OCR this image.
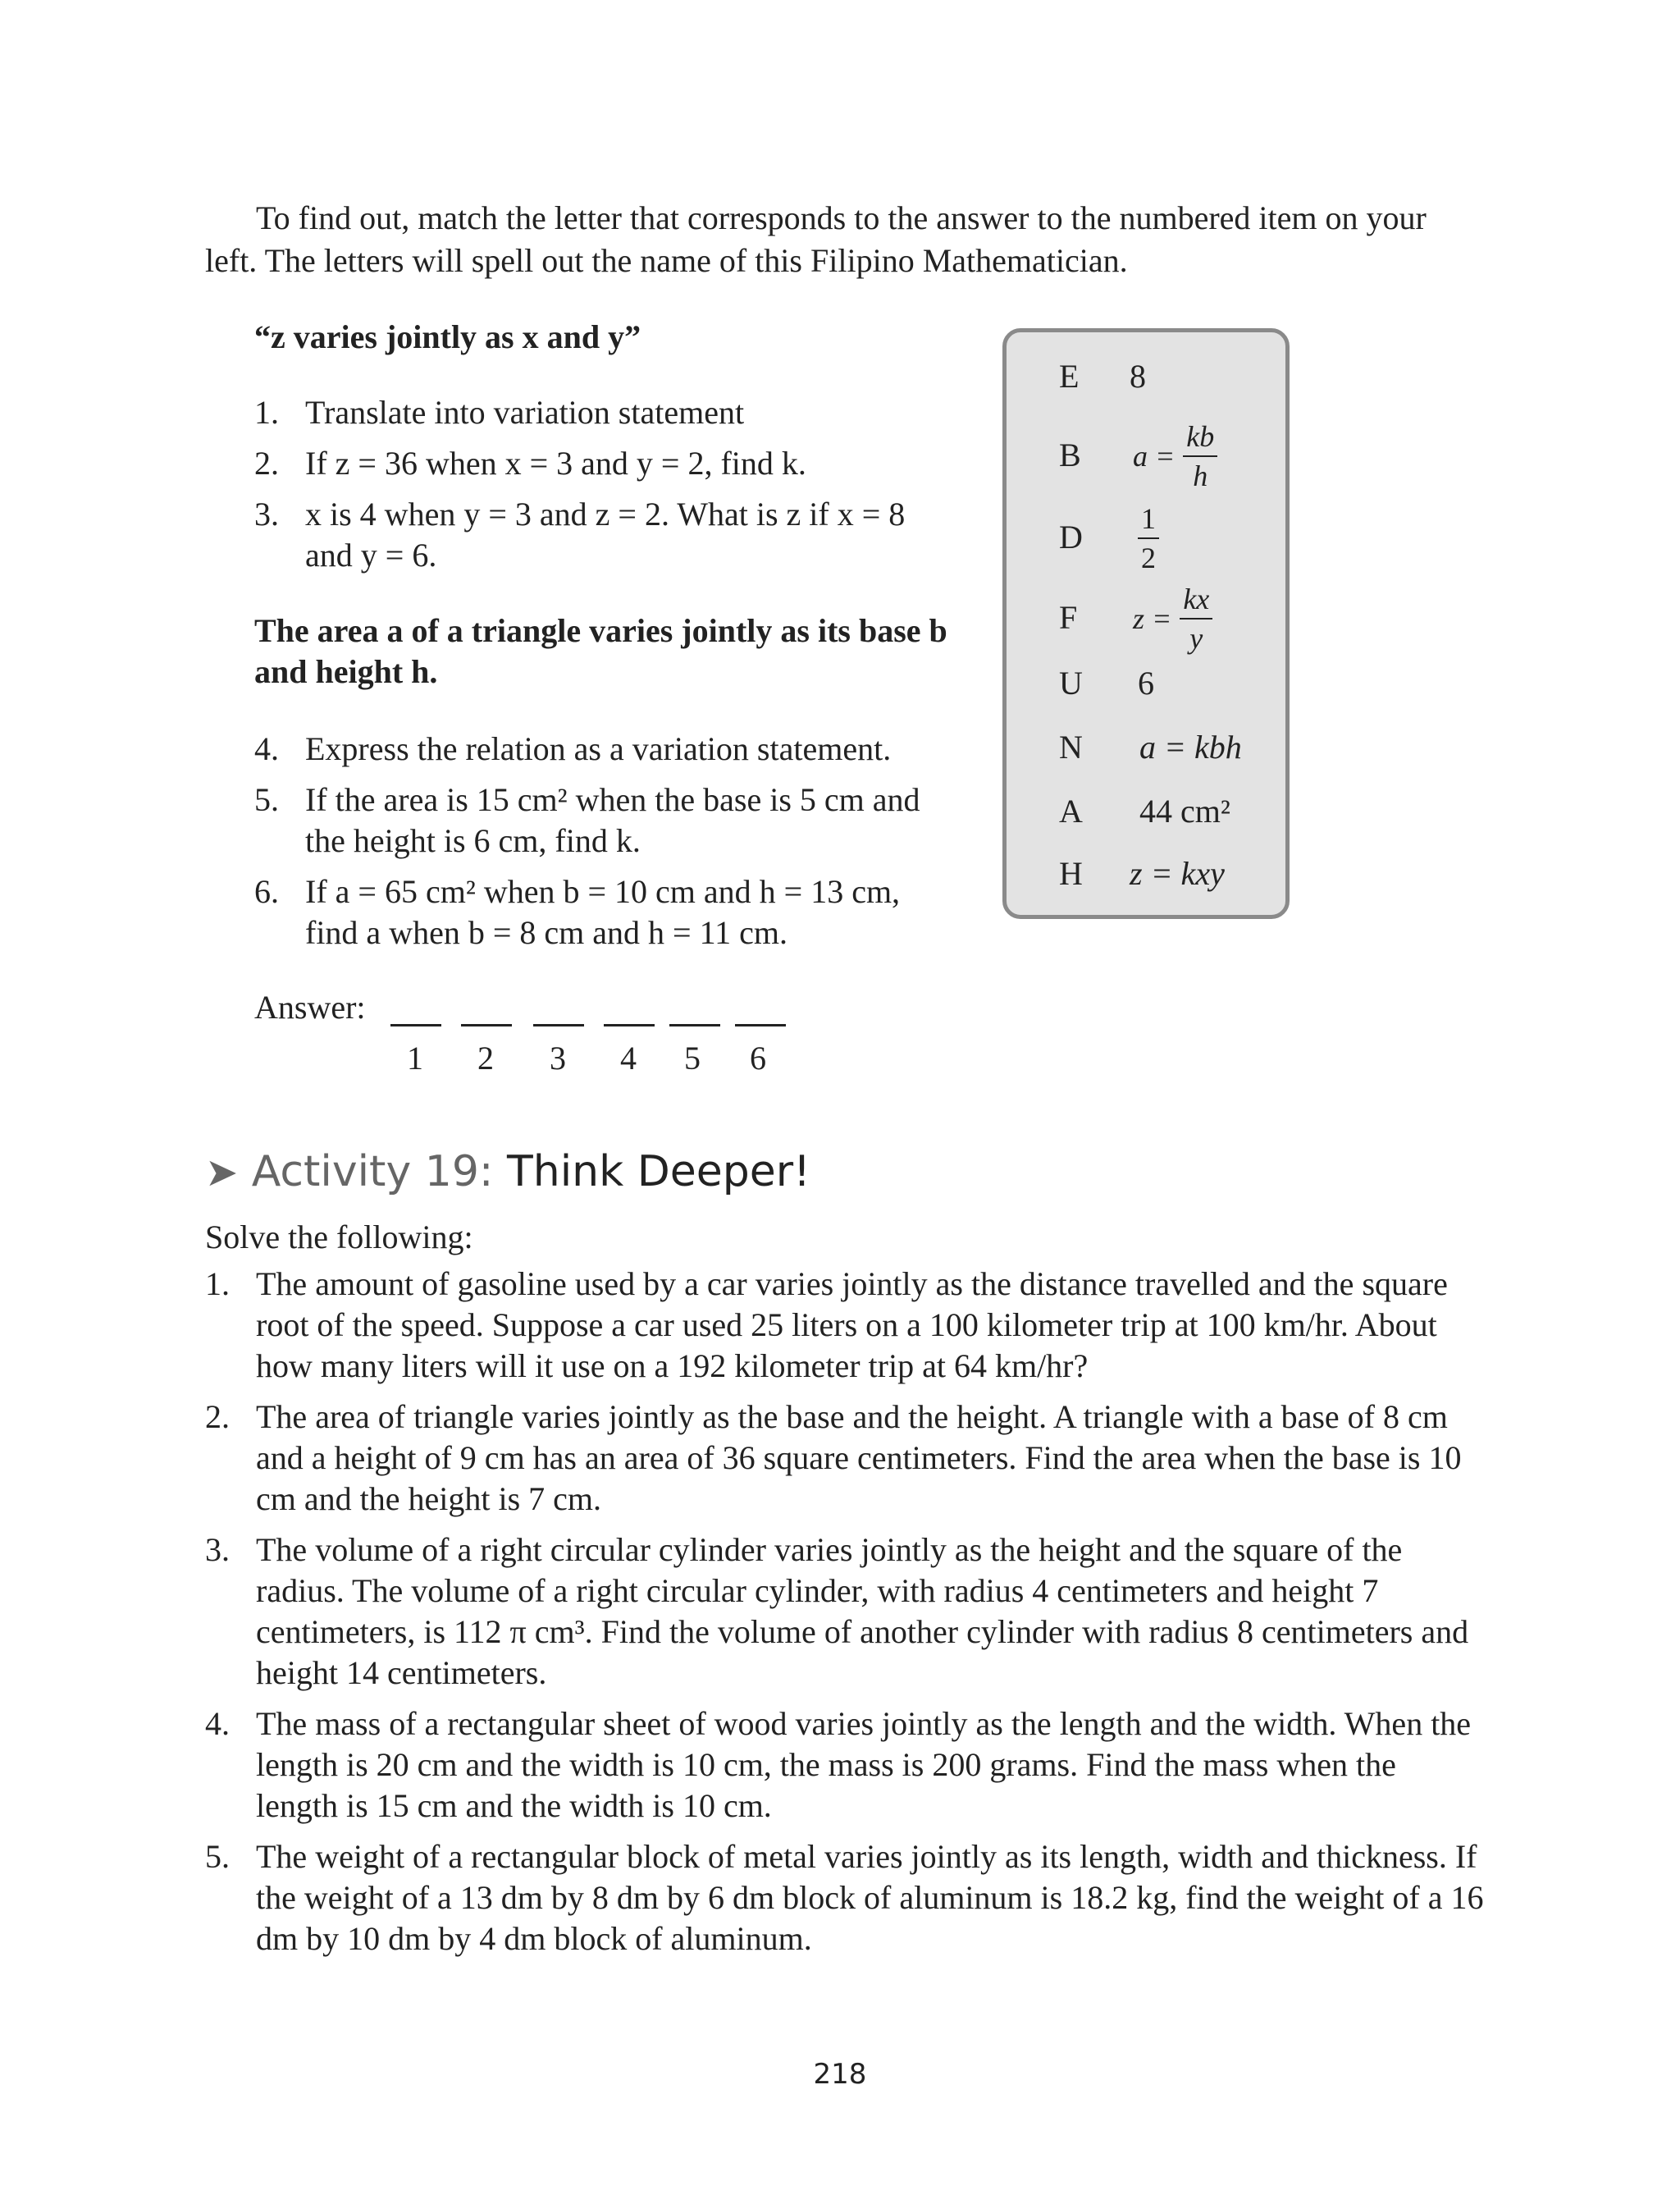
To find out, match the letter that corresponds to the answer to the numbered item on your left. The letters will spell out the name of this Filipino Mathematician.

“z varies jointly as x and y”
1. Translate into variation statement
2. If z = 36 when x = 3 and y = 2, find k.
3. x is 4 when y = 3 and z = 2. What is z if x = 8 and y = 6.
The area a of a triangle varies jointly as its base b and height h.
4. Express the relation as a variation statement.
5. If the area is 15 cm² when the base is 5 cm and the height is 6 cm, find k.
6. If a = 65 cm² when b = 10 cm and h = 13 cm, find a when b = 8 cm and h = 11 cm.
E 8
B $a = \frac{kb}{h}$
D $\frac{1}{2}$
F $z = \frac{kx}{y}$
U 6
N a = kbh
A 44 cm²
H z = kxy
Answer:
1 2 3 4 5 6
➤ Activity 19: Think Deeper!
Solve the following:
1. The amount of gasoline used by a car varies jointly as the distance travelled and the square root of the speed. Suppose a car used 25 liters on a 100 kilometer trip at 100 km/hr. About how many liters will it use on a 192 kilometer trip at 64 km/hr?
2. The area of triangle varies jointly as the base and the height. A triangle with a base of 8 cm and a height of 9 cm has an area of 36 square centimeters. Find the area when the base is 10 cm and the height is 7 cm.
3. The volume of a right circular cylinder varies jointly as the height and the square of the radius. The volume of a right circular cylinder, with radius 4 centimeters and height 7 centimeters, is 112 π cm³. Find the volume of another cylinder with radius 8 centimeters and height 14 centimeters.
4. The mass of a rectangular sheet of wood varies jointly as the length and the width. When the length is 20 cm and the width is 10 cm, the mass is 200 grams. Find the mass when the length is 15 cm and the width is 10 cm.
5. The weight of a rectangular block of metal varies jointly as its length, width and thickness. If the weight of a 13 dm by 8 dm by 6 dm block of aluminum is 18.2 kg, find the weight of a 16 dm by 10 dm by 4 dm block of aluminum.
218
